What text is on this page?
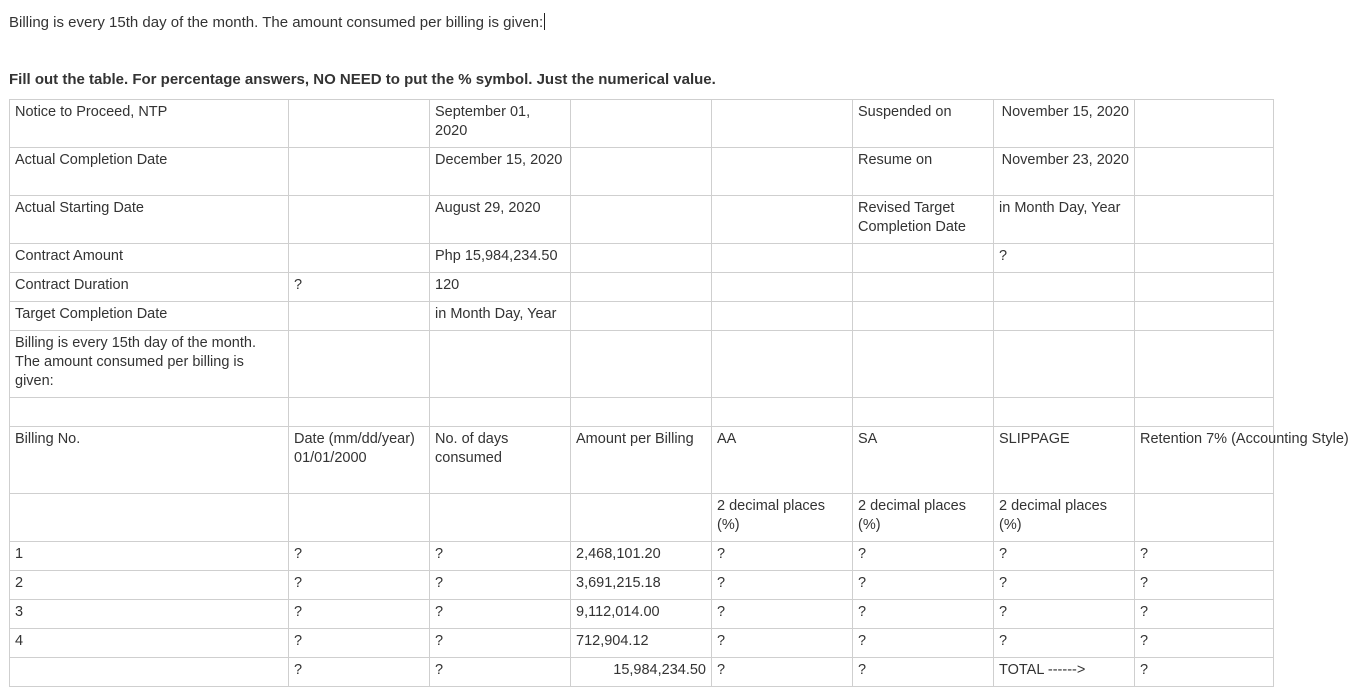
Billing is every 15th day of the month. The amount consumed per billing is given:
Fill out the table. For percentage answers, NO NEED to put the % symbol. Just the numerical value.
Notice to Proceed, NTP		September 01, 2020			Suspended on	November 15, 2020	
Actual Completion Date		December 15, 2020			Resume on	November 23, 2020	
Actual Starting Date		August 29, 2020			Revised Target Completion Date	in Month Day, Year	
Contract Amount		Php 15,984,234.50				?	
Contract Duration	?	120					
Target Completion Date		in Month Day, Year					
Billing is every 15th day of the month. The amount consumed per billing is given:							

Billing No.	Date (mm/dd/year) 01/01/2000	No. of days consumed	Amount per Billing	AA	SA	SLIPPAGE	Retention 7% (Accounting Style)
				2 decimal places (%)	2 decimal places (%)	2 decimal places (%)	
1	?	?	2,468,101.20	?	?	?	?
2	?	?	3,691,215.18	?	?	?	?
3	?	?	9,112,014.00	?	?	?	?
4	?	?	712,904.12	?	?	?	?
	?	?	15,984,234.50	?	?	TOTAL ------>	?
